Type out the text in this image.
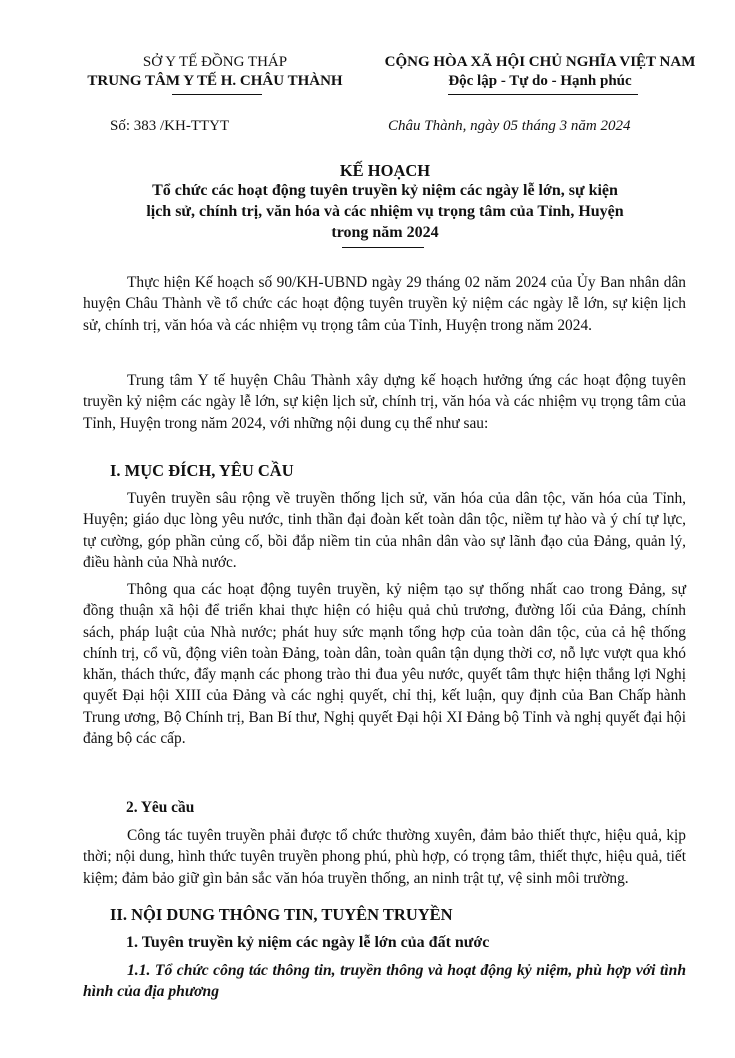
SỞ Y TẾ ĐỒNG THÁP
TRUNG TÂM Y TẾ H. CHÂU THÀNH
CỘNG HÒA XÃ HỘI CHỦ NGHĨA VIỆT NAM
Độc lập - Tự do - Hạnh phúc
Số: 383 /KH-TTYT	Châu Thành, ngày 05 tháng 3 năm 2024
KẾ HOẠCH
Tổ chức các hoạt động tuyên truyền kỷ niệm các ngày lễ lớn, sự kiện
lịch sử, chính trị, văn hóa và các nhiệm vụ trọng tâm của Tỉnh, Huyện
trong năm 2024

Thực hiện Kế hoạch số 90/KH-UBND ngày 29 tháng 02 năm 2024 của Ủy Ban nhân dân huyện Châu Thành về tổ chức các hoạt động tuyên truyền kỷ niệm các ngày lễ lớn, sự kiện lịch sử, chính trị, văn hóa và các nhiệm vụ trọng tâm của Tỉnh, Huyện trong năm 2024.

Trung tâm Y tế huyện Châu Thành xây dựng kế hoạch hưởng ứng các hoạt động tuyên truyền kỷ niệm các ngày lễ lớn, sự kiện lịch sử, chính trị, văn hóa và các nhiệm vụ trọng tâm của Tỉnh, Huyện trong năm 2024, với những nội dung cụ thể như sau:

I. MỤC ĐÍCH, YÊU CẦU

Tuyên truyền sâu rộng về truyền thống lịch sử, văn hóa của dân tộc, văn hóa của Tỉnh, Huyện; giáo dục lòng yêu nước, tinh thần đại đoàn kết toàn dân tộc, niềm tự hào và ý chí tự lực, tự cường, góp phần củng cố, bồi đắp niềm tin của nhân dân vào sự lãnh đạo của Đảng, quản lý, điều hành của Nhà nước.

Thông qua các hoạt động tuyên truyền, kỷ niệm tạo sự thống nhất cao trong Đảng, sự đồng thuận xã hội để triển khai thực hiện có hiệu quả chủ trương, đường lối của Đảng, chính sách, pháp luật của Nhà nước; phát huy sức mạnh tổng hợp của toàn dân tộc, của cả hệ thống chính trị, cổ vũ, động viên toàn Đảng, toàn dân, toàn quân tận dụng thời cơ, nỗ lực vượt qua khó khăn, thách thức, đẩy mạnh các phong trào thi đua yêu nước, quyết tâm thực hiện thắng lợi Nghị quyết Đại hội XIII của Đảng và các nghị quyết, chỉ thị, kết luận, quy định của Ban Chấp hành Trung ương, Bộ Chính trị, Ban Bí thư, Nghị quyết Đại hội XI Đảng bộ Tỉnh và nghị quyết đại hội đảng bộ các cấp.

2. Yêu cầu

Công tác tuyên truyền phải được tổ chức thường xuyên, đảm bảo thiết thực, hiệu quả, kịp thời; nội dung, hình thức tuyên truyền phong phú, phù hợp, có trọng tâm, thiết thực, hiệu quả, tiết kiệm; đảm bảo giữ gìn bản sắc văn hóa truyền thống, an ninh trật tự, vệ sinh môi trường.

II. NỘI DUNG THÔNG TIN, TUYÊN TRUYỀN
1. Tuyên truyền kỷ niệm các ngày lễ lớn của đất nước

1.1. Tổ chức công tác thông tin, truyền thông và hoạt động kỷ niệm, phù hợp với tình hình của địa phương
